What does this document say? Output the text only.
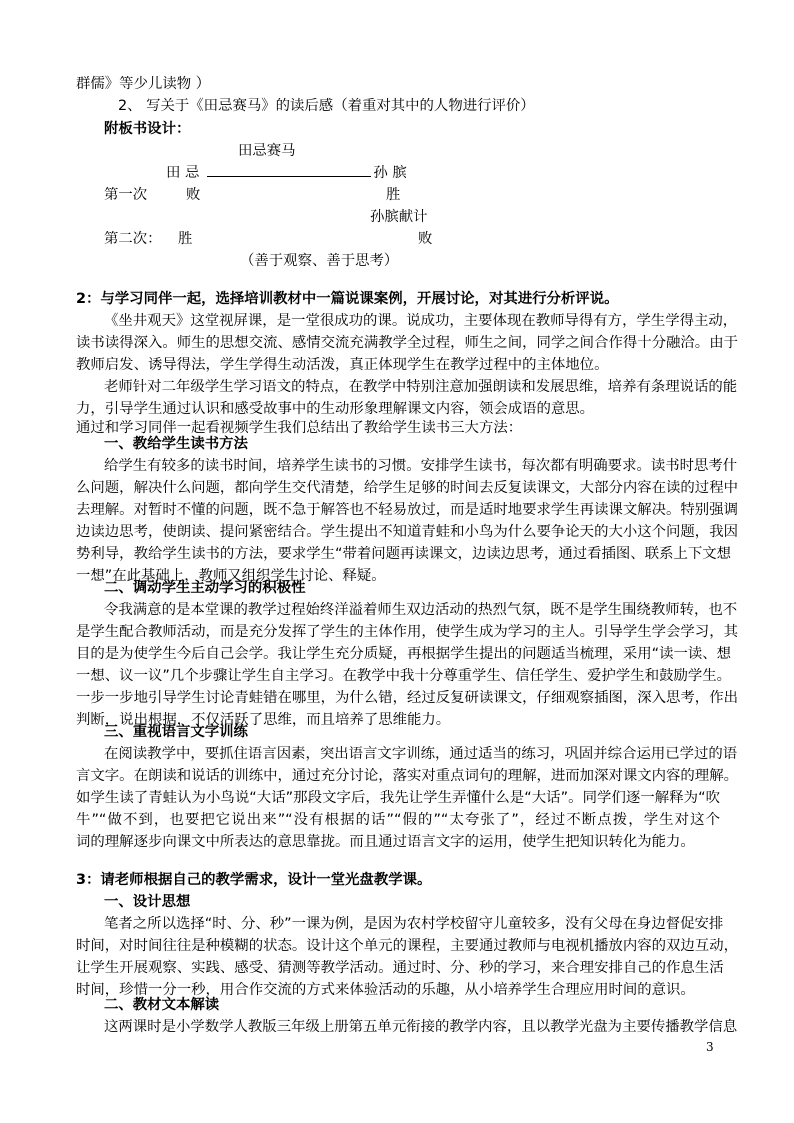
群儒》等少儿读物 ）
2、 写关于《田忌赛马》的读后感（着重对其中的人物进行评价）
附板书设计：
田忌赛马
田 忌	孙 膑
第一次	败	胜
孙膑献计
第二次： 胜	败
（善于观察、善于思考）
2：与学习同伴一起，选择培训教材中一篇说课案例，开展讨论，对其进行分析评说。
《坐井观天》这堂视屏课，是一堂很成功的课。说成功，主要体现在教师导得有方，学生学得主动，
读书读得深入。师生的思想交流、感情交流充满教学全过程，师生之间，同学之间合作得十分融洽。由于
教师启发、诱导得法，学生学得生动活泼，真正体现学生在教学过程中的主体地位。
老师针对二年级学生学习语文的特点，在教学中特别注意加强朗读和发展思维，培养有条理说话的能
力，引导学生通过认识和感受故事中的生动形象理解课文内容，领会成语的意思。
通过和学习同伴一起看视频学生我们总结出了教给学生读书三大方法：
一、教给学生读书方法
给学生有较多的读书时间，培养学生读书的习惯。安排学生读书，每次都有明确要求。读书时思考什
么问题，解决什么问题，都向学生交代清楚，给学生足够的时间去反复读课文，大部分内容在读的过程中
去理解。对暂时不懂的问题，既不急于解答也不轻易放过，而是适时地要求学生再读课文解决。特别强调
边读边思考，使朗读、提问紧密结合。学生提出不知道青蛙和小鸟为什么要争论天的大小这个问题，我因
势利导，教给学生读书的方法，要求学生“带着问题再读课文，边读边思考，通过看插图、联系上下文想
一想”在此基础上，教师又组织学生讨论、释疑。
二、调动学生主动学习的积极性
令我满意的是本堂课的教学过程始终洋溢着师生双边活动的热烈气氛，既不是学生围绕教师转，也不
是学生配合教师活动，而是充分发挥了学生的主体作用，使学生成为学习的主人。引导学生学会学习，其
目的是为使学生今后自己会学。我让学生充分质疑，再根据学生提出的问题适当梳理，采用“读一读、想
一想、议一议”几个步骤让学生自主学习。在教学中我十分尊重学生、信任学生、爱护学生和鼓励学生。
一步一步地引导学生讨论青蛙错在哪里，为什么错，经过反复研读课文，仔细观察插图，深入思考，作出
判断，说出根据，不仅活跃了思维，而且培养了思维能力。
三、重视语言文字训练
在阅读教学中，要抓住语言因素，突出语言文字训练，通过适当的练习，巩固并综合运用已学过的语
言文字。在朗读和说话的训练中，通过充分讨论，落实对重点词句的理解，进而加深对课文内容的理解。
如学生读了青蛙认为小鸟说“大话”那段文字后，我先让学生弄懂什么是“大话”。同学们逐一解释为“吹
牛”“做不到，也要把它说出来”“没有根据的话”“假的”“太夸张了”，经过不断点拨，学生对这个
词的理解逐步向课文中所表达的意思靠拢。而且通过语言文字的运用，使学生把知识转化为能力。
3：请老师根据自己的教学需求，设计一堂光盘教学课。
一、设计思想
笔者之所以选择“时、分、秒”一课为例，是因为农村学校留守儿童较多，没有父母在身边督促安排
时间，对时间往往是种模糊的状态。设计这个单元的课程，主要通过教师与电视机播放内容的双边互动，
让学生开展观察、实践、感受、猜测等教学活动。通过时、分、秒的学习，来合理安排自己的作息生活
时间，珍惜一分一秒，用合作交流的方式来体验活动的乐趣，从小培养学生合理应用时间的意识。
二、教材文本解读
这两课时是小学数学人教版三年级上册第五单元衔接的教学内容，且以教学光盘为主要传播教学信息
3
